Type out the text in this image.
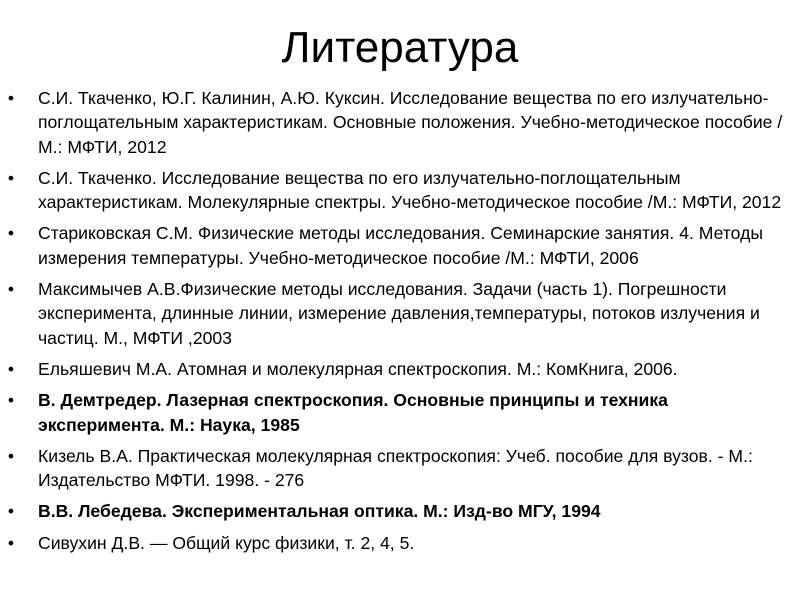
Литература
• С.И. Ткаченко, Ю.Г. Калинин, А.Ю. Куксин. Исследование вещества по его излучательно-поглощательным характеристикам. Основные положения. Учебно-методическое пособие /М.: МФТИ, 2012
• С.И. Ткаченко. Исследование вещества по его излучательно-поглощательным характеристикам. Молекулярные спектры. Учебно-методическое пособие /М.: МФТИ, 2012
• Стариковская С.М. Физические методы исследования. Семинарские занятия. 4. Методы измерения температуры. Учебно-методическое пособие /М.: МФТИ, 2006
• Максимычев А.В.Физические методы исследования. Задачи (часть 1). Погрешности эксперимента, длинные линии, измерение давления,температуры, потоков излучения и частиц. М., МФТИ ,2003
• Ельяшевич М.А. Атомная и молекулярная спектроскопия. М.: КомКнига, 2006.
• В. Демтредер. Лазерная спектроскопия. Основные принципы и техника эксперимента. М.: Наука, 1985
• Кизель В.А. Практическая молекулярная спектроскопия: Учеб. пособие для вузов. - М.: Издательство МФТИ. 1998. - 276
• В.В. Лебедева. Экспериментальная оптика. М.: Изд-во МГУ, 1994
• Сивухин Д.В. — Общий курс физики, т. 2, 4, 5.
